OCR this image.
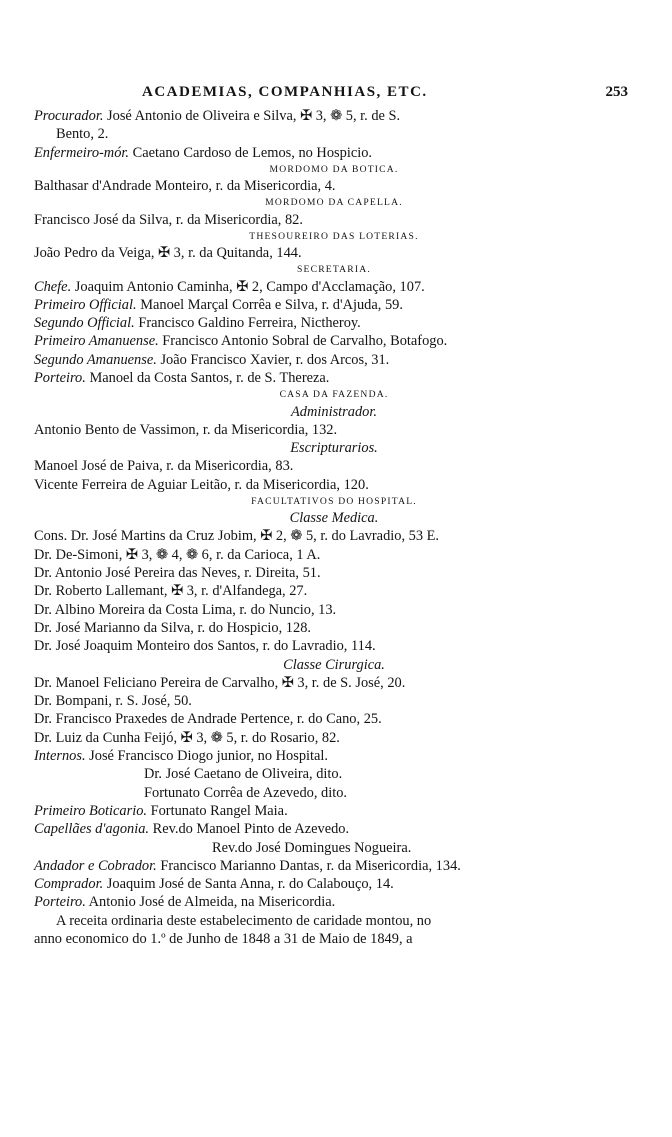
ACADEMIAS, COMPANHIAS, ETC.	253
Procurador. José Antonio de Oliveira e Silva, ✠ 3, ❁ 5, r. de S.
Bento, 2.
Enfermeiro-mór. Caetano Cardoso de Lemos, no Hospicio.
MORDOMO DA BOTICA.
Balthasar d'Andrade Monteiro, r. da Misericordia, 4.
MORDOMO DA CAPELLA.
Francisco José da Silva, r. da Misericordia, 82.
THESOUREIRO DAS LOTERIAS.
João Pedro da Veiga, ✠ 3, r. da Quitanda, 144.
SECRETARIA.
Chefe. Joaquim Antonio Caminha, ✠ 2, Campo d'Acclamação, 107.
Primeiro Official. Manoel Marçal Corrêa e Silva, r. d'Ajuda, 59.
Segundo Official. Francisco Galdino Ferreira, Nictheroy.
Primeiro Amanuense. Francisco Antonio Sobral de Carvalho, Botafogo.
Segundo Amanuense. João Francisco Xavier, r. dos Arcos, 31.
Porteiro. Manoel da Costa Santos, r. de S. Thereza.
CASA DA FAZENDA.
Administrador.
Antonio Bento de Vassimon, r. da Misericordia, 132.
Escripturarios.
Manoel José de Paiva, r. da Misericordia, 83.
Vicente Ferreira de Aguiar Leitão, r. da Misericordia, 120.
FACULTATIVOS DO HOSPITAL.
Classe Medica.
Cons. Dr. José Martins da Cruz Jobim, ✠ 2, ❁ 5, r. do Lavradio, 53 E.
Dr. De-Simoni, ✠ 3, ❁ 4, ❁ 6, r. da Carioca, 1 A.
Dr. Antonio José Pereira das Neves, r. Direita, 51.
Dr. Roberto Lallemant, ✠ 3, r. d'Alfandega, 27.
Dr. Albino Moreira da Costa Lima, r. do Nuncio, 13.
Dr. José Marianno da Silva, r. do Hospicio, 128.
Dr. José Joaquim Monteiro dos Santos, r. do Lavradio, 114.
Classe Cirurgica.
Dr. Manoel Feliciano Pereira de Carvalho, ✠ 3, r. de S. José, 20.
Dr. Bompani, r. S. José, 50.
Dr. Francisco Praxedes de Andrade Pertence, r. do Cano, 25.
Dr. Luiz da Cunha Feijó, ✠ 3, ❁ 5, r. do Rosario, 82.
Internos. José Francisco Diogo junior, no Hospital.
Dr. José Caetano de Oliveira, dito.
Fortunato Corrêa de Azevedo, dito.
Primeiro Boticario. Fortunato Rangel Maia.
Capellães d'agonia. Rev.do Manoel Pinto de Azevedo.
Rev.do José Domingues Nogueira.
Andador e Cobrador. Francisco Marianno Dantas, r. da Misericordia, 134.
Comprador. Joaquim José de Santa Anna, r. do Calabouço, 14.
Porteiro. Antonio José de Almeida, na Misericordia.
A receita ordinaria deste estabelecimento de caridade montou, no
anno economico do 1.º de Junho de 1848 a 31 de Maio de 1849, a
